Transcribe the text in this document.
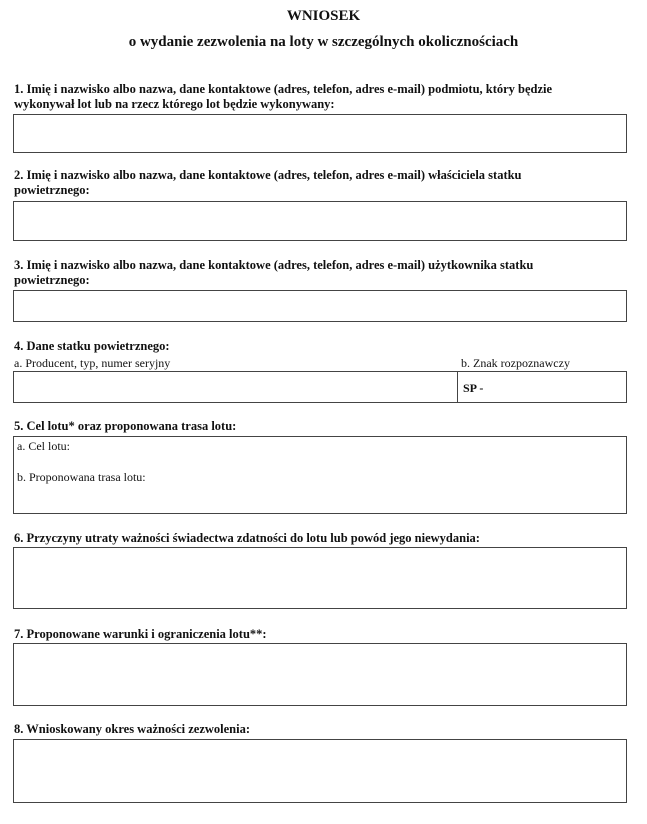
WNIOSEK
o wydanie zezwolenia na loty w szczególnych okolicznościach
1. Imię i nazwisko albo nazwa, dane kontaktowe (adres, telefon, adres e-mail) podmiotu, który będzie
wykonywał lot lub na rzecz którego lot będzie wykonywany:
2. Imię i nazwisko albo nazwa, dane kontaktowe (adres, telefon, adres e-mail) właściciela statku
powietrznego:
3. Imię i nazwisko albo nazwa, dane kontaktowe (adres, telefon, adres e-mail) użytkownika statku
powietrznego:
4. Dane statku powietrznego:
a. Producent, typ, numer seryjny	b. Znak rozpoznawczy
SP -
5. Cel lotu* oraz proponowana trasa lotu:
a. Cel lotu:
b. Proponowana trasa lotu:
6. Przyczyny utraty ważności świadectwa zdatności do lotu lub powód jego niewydania:
7. Proponowane warunki i ograniczenia lotu**:
8. Wnioskowany okres ważności zezwolenia:
